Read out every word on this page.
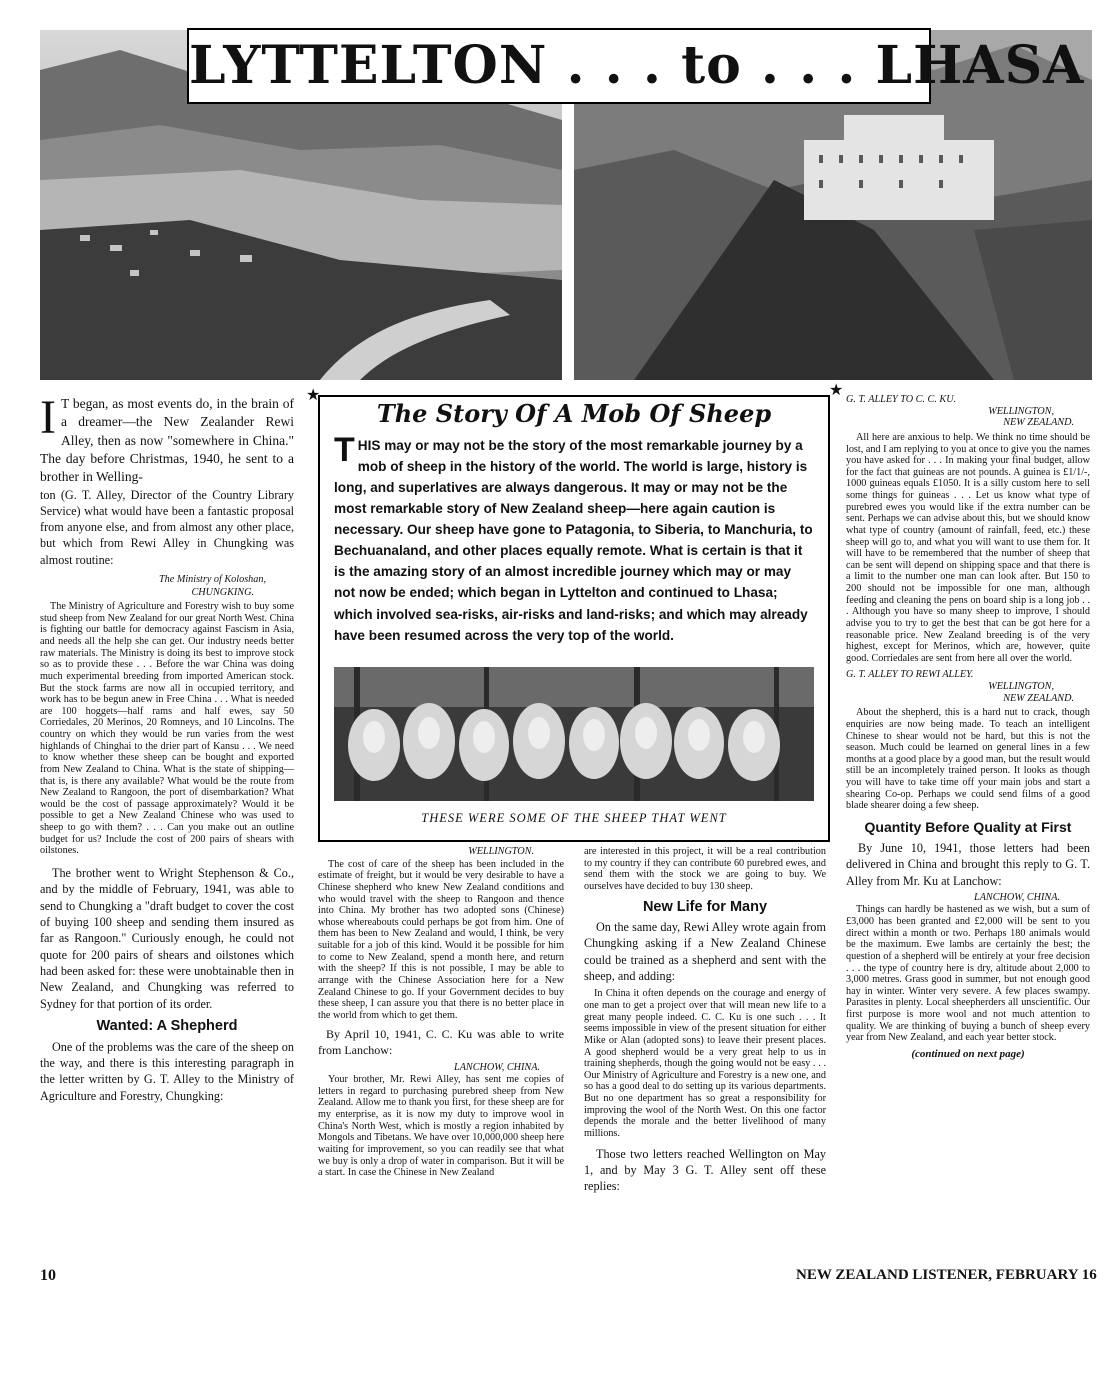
LYTTELTON . . . to . . . LHASA
I T began, as most events do, in the brain of a dreamer—the New Zealander Rewi Alley, then as now "somewhere in China." The day before Christmas, 1940, he sent to a brother in Welling-
ton (G. T. Alley, Director of the Country Library Service) what would have been a fantastic proposal from anyone else, and from almost any other place, but which from Rewi Alley in Chungking was almost routine:
The Ministry of Koloshan,
CHUNGKING.

The Ministry of Agriculture and Forestry wish to buy some stud sheep from New Zealand for our great North West. China is fighting our battle for democracy against Fascism in Asia, and needs all the help she can get. Our industry needs better raw materials. The Ministry is doing its best to improve stock so as to provide these . . . Before the war China was doing much experimental breeding from imported American stock. But the stock farms are now all in occupied territory, and work has to be begun anew in Free China . . . What is needed are 100 hoggets—half rams and half ewes, say 50 Corriedales, 20 Merinos, 20 Romneys, and 10 Lincolns. The country on which they would be run varies from the west highlands of Chinghai to the drier part of Kansu . . . We need to know whether these sheep can be bought and exported from New Zealand to China. What is the state of shipping—that is, is there any available? What would be the route from New Zealand to Rangoon, the port of disembarkation? What would be the cost of passage approximately? Would it be possible to get a New Zealand Chinese who was used to sheep to go with them? . . . Can you make out an outline budget for us? Include the cost of 200 pairs of shears with oilstones.

The brother went to Wright Stephenson & Co., and by the middle of February, 1941, was able to send to Chungking a "draft budget to cover the cost of buying 100 sheep and sending them insured as far as Rangoon." Curiously enough, he could not quote for 200 pairs of shears and oilstones which had been asked for: these were unobtainable then in New Zealand, and Chungking was referred to Sydney for that portion of its order.

Wanted: A Shepherd

One of the problems was the care of the sheep on the way, and there is this interesting paragraph in the letter written by G. T. Alley to the Ministry of Agriculture and Forestry, Chungking:

★	★
The Story Of A Mob Of Sheep
THIS may or may not be the story of the most remarkable journey by a mob of sheep in the history of the world. The world is large, history is long, and superlatives are always dangerous. It may or may not be the most remarkable story of New Zealand sheep—here again caution is necessary. Our sheep have gone to Patagonia, to Siberia, to Manchuria, to Bechuanaland, and other places equally remote. What is certain is that it is the amazing story of an almost incredible journey which may or may not now be ended; which began in Lyttelton and continued to Lhasa; which involved sea-risks, air-risks and land-risks; and which may already have been resumed across the very top of the world.
THESE WERE SOME OF THE SHEEP THAT WENT
WELLINGTON.

The cost of care of the sheep has been included in the estimate of freight, but it would be very desirable to have a Chinese shepherd who knew New Zealand conditions and who would travel with the sheep to Rangoon and thence into China. My brother has two adopted sons (Chinese) whose whereabouts could perhaps be got from him. One of them has been to New Zealand and would, I think, be very suitable for a job of this kind. Would it be possible for him to come to New Zealand, spend a month here, and return with the sheep? If this is not possible, I may be able to arrange with the Chinese Association here for a New Zealand Chinese to go. If your Government decides to buy these sheep, I can assure you that there is no better place in the world from which to get them.

By April 10, 1941, C. C. Ku was able to write from Lanchow:

LANCHOW, CHINA.

Your brother, Mr. Rewi Alley, has sent me copies of letters in regard to purchasing purebred sheep from New Zealand. Allow me to thank you first, for these sheep are for my enterprise, as it is now my duty to improve wool in China's North West, which is mostly a region inhabited by Mongols and Tibetans. We have over 10,000,000 sheep here waiting for improvement, so you can readily see that what we buy is only a drop of water in comparison. But it will be a start. In case the Chinese in New Zealand

are interested in this project, it will be a real contribution to my country if they can contribute 60 purebred ewes, and send them with the stock we are going to buy. We ourselves have decided to buy 130 sheep.

New Life for Many

On the same day, Rewi Alley wrote again from Chungking asking if a New Zealand Chinese could be trained as a shepherd and sent with the sheep, and adding:

In China it often depends on the courage and energy of one man to get a project over that will mean new life to a great many people indeed. C. C. Ku is one such . . . It seems impossible in view of the present situation for either Mike or Alan (adopted sons) to leave their present places. A good shepherd would be a very great help to us in training shepherds, though the going would not be easy . . . Our Ministry of Agriculture and Forestry is a new one, and so has a good deal to do setting up its various departments. But no one department has so great a responsibility for improving the wool of the North West. On this one factor depends the morale and the better livelihood of many millions.

Those two letters reached Wellington on May 1, and by May 3 G. T. Alley sent off these replies:

G. T. ALLEY TO C. C. KU.
WELLINGTON,
NEW ZEALAND.

All here are anxious to help. We think no time should be lost, and I am replying to you at once to give you the names you have asked for . . . In making your final budget, allow for the fact that guineas are not pounds. A guinea is £1/1/-, 1000 guineas equals £1050. It is a silly custom here to sell some things for guineas . . . Let us know what type of purebred ewes you would like if the extra number can be sent. Perhaps we can advise about this, but we should know what type of country (amount of rainfall, feed, etc.) these sheep will go to, and what you will want to use them for. It will have to be remembered that the number of sheep that can be sent will depend on shipping space and that there is a limit to the number one man can look after. But 150 to 200 should not be impossible for one man, although feeding and cleaning the pens on board ship is a long job . . . Although you have so many sheep to improve, I should advise you to try to get the best that can be got here for a reasonable price. New Zealand breeding is of the very highest, except for Merinos, which are, however, quite good. Corriedales are sent from here all over the world.

G. T. ALLEY TO REWI ALLEY.
WELLINGTON,
NEW ZEALAND.

About the shepherd, this is a hard nut to crack, though enquiries are now being made. To teach an intelligent Chinese to shear would not be hard, but this is not the season. Much could be learned on general lines in a few months at a good place by a good man, but the result would still be an incompletely trained person. It looks as though you will have to take time off your main jobs and start a shearing Co-op. Perhaps we could send films of a good blade shearer doing a few sheep.

Quantity Before Quality at First

By June 10, 1941, those letters had been delivered in China and brought this reply to G. T. Alley from Mr. Ku at Lanchow:

LANCHOW, CHINA.

Things can hardly be hastened as we wish, but a sum of £3,000 has been granted and £2,000 will be sent to you direct within a month or two. Perhaps 180 animals would be the maximum. Ewe lambs are certainly the best; the question of a shepherd will be entirely at your free decision . . . the type of country here is dry, altitude about 2,000 to 3,000 metres. Grass good in summer, but not enough good hay in winter. Winter very severe. A few places swampy. Parasites in plenty. Local sheepherders all unscientific. Our first purpose is more wool and not much attention to quality. We are thinking of buying a bunch of sheep every year from New Zealand, and each year better stock.

(continued on next page)
10	NEW ZEALAND LISTENER, FEBRUARY 16
